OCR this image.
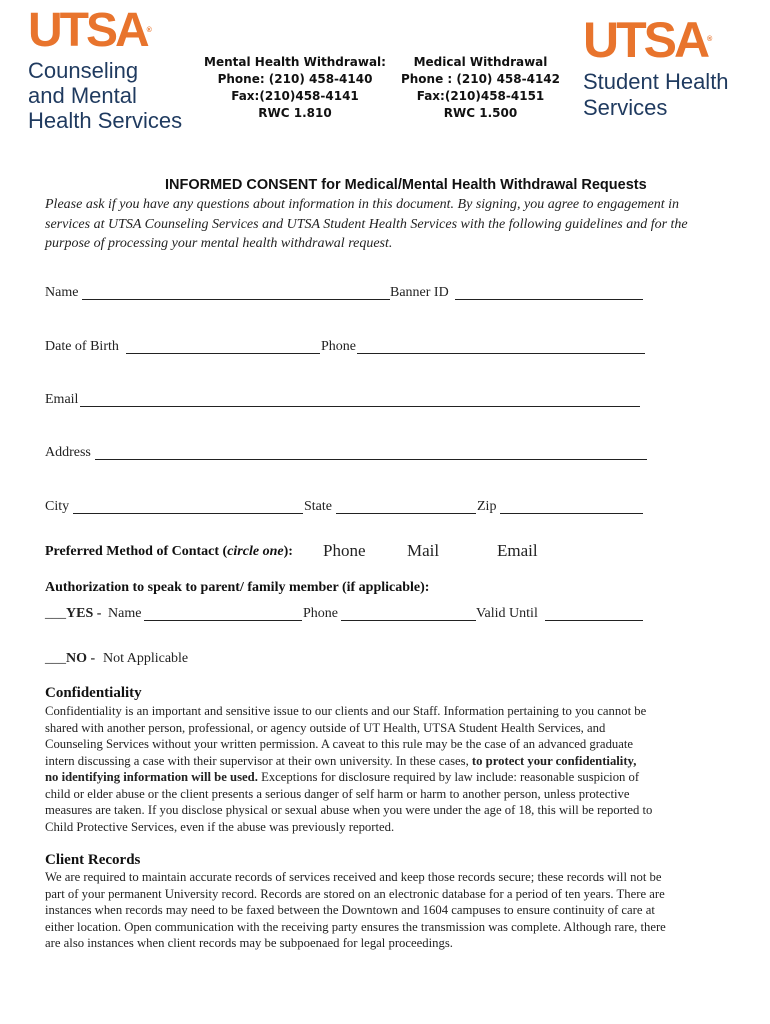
UTSA®
Counseling
and Mental
Health Services
Mental Health Withdrawal:
Phone: (210) 458-4140
Fax:(210)458-4141
RWC 1.810
Medical Withdrawal
Phone : (210) 458-4142
Fax:(210)458-4151
RWC 1.500
UTSA®
Student Health
Services
INFORMED CONSENT for Medical/Mental Health Withdrawal Requests
Please ask if you have any questions about information in this document. By signing, you agree to engagement in
services at UTSA Counseling Services and UTSA Student Health Services with the following guidelines and for the
purpose of processing your mental health withdrawal request.
Name	Banner ID
Date of Birth	Phone
Email
Address
City	State	Zip
Preferred Method of Contact (circle one): Phone Mail	Email
Authorization to speak to parent/ family member (if applicable):
___ YES - Name	Phone	Valid Until
___ NO - Not Applicable
Confidentiality
Confidentiality is an important and sensitive issue to our clients and our Staff. Information pertaining to you cannot be
shared with another person, professional, or agency outside of UT Health, UTSA Student Health Services, and
Counseling Services without your written permission. A caveat to this rule may be the case of an advanced graduate
intern discussing a case with their supervisor at their own university. In these cases, to protect your confidentiality,
no identifying information will be used. Exceptions for disclosure required by law include: reasonable suspicion of
child or elder abuse or the client presents a serious danger of self harm or harm to another person, unless protective
measures are taken. If you disclose physical or sexual abuse when you were under the age of 18, this will be reported to
Child Protective Services, even if the abuse was previously reported.
Client Records
We are required to maintain accurate records of services received and keep those records secure; these records will not be
part of your permanent University record. Records are stored on an electronic database for a period of ten years. There are
instances when records may need to be faxed between the Downtown and 1604 campuses to ensure continuity of care at
either location. Open communication with the receiving party ensures the transmission was complete. Although rare, there
are also instances when client records may be subpoenaed for legal proceedings.
